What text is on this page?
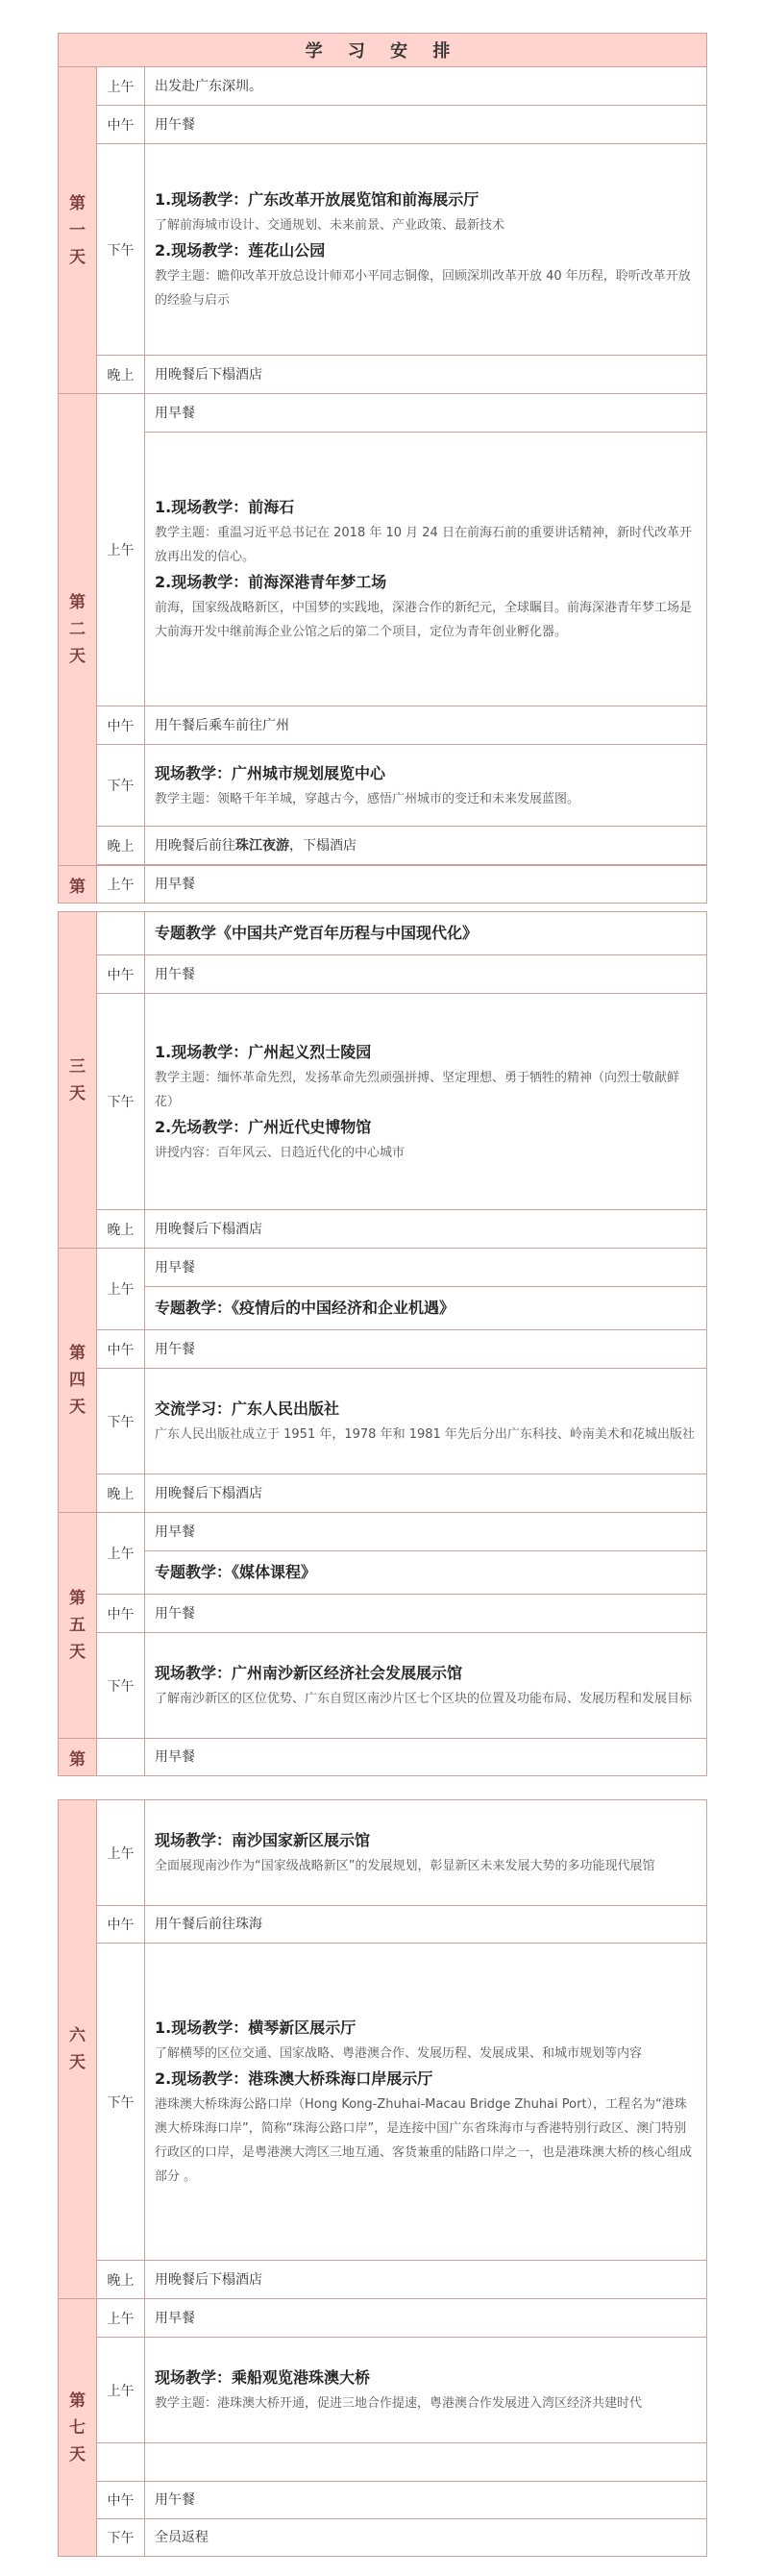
学 习 安 排		
第一天	上午	出发赴广东深圳。

	中午	用午餐

	下午	1.现场教学：广东改革开放展览馆和前海展示厅
了解前海城市设计、交通规划、未来前景、产业政策、最新技术
2.现场教学：莲花山公园
教学主题：瞻仰改革开放总设计师邓小平同志铜像，回顾深圳改革开放 40 年历程，聆听改革开放的经验与启示

	晚上	用晚餐后下榻酒店

第二天	上午	用早餐

		1.现场教学：前海石
教学主题：重温习近平总书记在 2018 年 10 月 24 日在前海石前的重要讲话精神，新时代改革开放再出发的信心。
2.现场教学：前海深港青年梦工场
前海，国家级战略新区，中国梦的实践地，深港合作的新纪元，全球瞩目。前海深港青年梦工场是大前海开发中继前海企业公馆之后的第二个项目，定位为青年创业孵化器。

	中午	用午餐后乘车前往广州

	下午	现场教学：广州城市规划展览中心
教学主题：领略千年羊城，穿越古今，感悟广州城市的变迁和未来发展蓝图。

	晚上	用晚餐后前往珠江夜游，下榻酒店

第	上午	用早餐
三天		专题教学《中国共产党百年历程与中国现代化》

	中午	用午餐

	下午	1.现场教学：广州起义烈士陵园
教学主题：缅怀革命先烈，发扬革命先烈顽强拼搏、坚定理想、勇于牺牲的精神（向烈士敬献鲜花）
2.先场教学：广州近代史博物馆
讲授内容：百年风云、日趋近代化的中心城市

	晚上	用晚餐后下榻酒店

第四天	上午	用早餐

		专题教学：《疫情后的中国经济和企业机遇》

	中午	用午餐

	下午	交流学习：广东人民出版社
广东人民出版社成立于 1951 年，1978 年和 1981 年先后分出广东科技、岭南美术和花城出版社

	晚上	用晚餐后下榻酒店

第五天	上午	用早餐

		专题教学：《媒体课程》

	中午	用午餐

	下午	现场教学：广州南沙新区经济社会发展展示馆
了解南沙新区的区位优势、广东自贸区南沙片区七个区块的位置及功能布局、发展历程和发展目标

第		用早餐
六天	上午	现场教学：南沙国家新区展示馆
全面展现南沙作为“国家级战略新区”的发展规划，彰显新区未来发展大势的多功能现代展馆

	中午	用午餐后前往珠海

	下午	1.现场教学：横琴新区展示厅
了解横琴的区位交通、国家战略、粤港澳合作、发展历程、发展成果、和城市规划等内容
2.现场教学：港珠澳大桥珠海口岸展示厅
港珠澳大桥珠海公路口岸（Hong Kong-Zhuhai-Macau Bridge Zhuhai Port），工程名为“港珠澳大桥珠海口岸”，简称“珠海公路口岸”，是连接中国广东省珠海市与香港特别行政区、澳门特别行政区的口岸，是粤港澳大湾区三地互通、客货兼重的陆路口岸之一，也是港珠澳大桥的核心组成部分 。

	晚上	用晚餐后下榻酒店

第七天	上午	用早餐

	上午	现场教学：乘船观览港珠澳大桥
教学主题：港珠澳大桥开通，促进三地合作提速，粤港澳合作发展进入湾区经济共建时代

	中午	用午餐

	下午	全员返程
